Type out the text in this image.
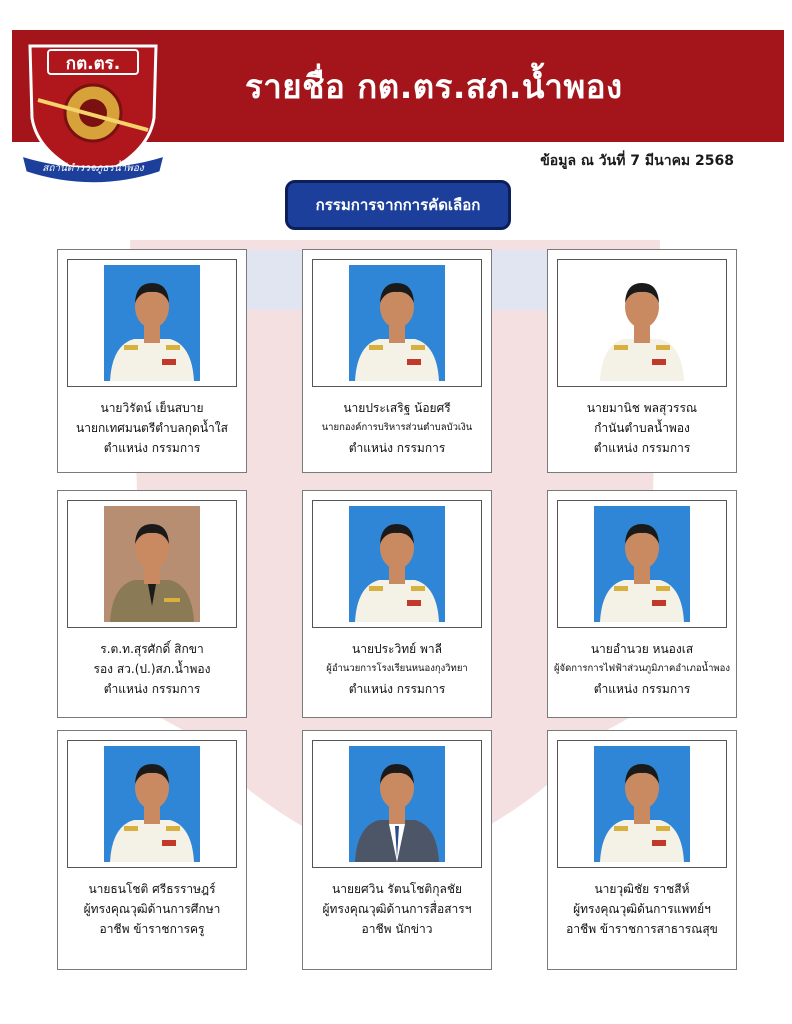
รายชื่อ กต.ตร.สภ.น้ำพอง
กต.ตร.
สถานีตำรวจภูธรน้ำพอง	ข้อมูล ณ วันที่ 7 มีนาคม 2568
กรรมการจากการคัดเลือก
นายวิรัตน์ เย็นสบาย
นายกเทศมนตรีตำบลกุดน้ำใส
ตำแหน่ง กรรมการ
นายประเสริฐ น้อยศรี
นายกองค์การบริหารส่วนตำบลบัวเงิน
ตำแหน่ง กรรมการ
นายมานิช พลสุวรรณ
กำนันตำบลน้ำพอง
ตำแหน่ง กรรมการ
ร.ต.ท.สุรศักดิ์ สิกขา
รอง สว.(ป.)สภ.น้ำพอง
ตำแหน่ง กรรมการ
นายประวิทย์ พาลี
ผู้อำนวยการโรงเรียนหนองกุงวิทยา
ตำแหน่ง กรรมการ
นายอำนวย หนองเส
ผู้จัดการการไฟฟ้าส่วนภูมิภาคอำเภอน้ำพอง
ตำแหน่ง กรรมการ
นายธนโชติ ศรีธรราษฎร์
ผู้ทรงคุณวุฒิด้านการศึกษา
อาชีพ ข้าราชการครู
นายยศวิน รัตนโชติกุลชัย
ผู้ทรงคุณวุฒิด้านการสื่อสารฯ
อาชีพ นักข่าว
นายวุฒิชัย ราชสีห์
ผู้ทรงคุณวุฒิด้นการแพทย์ฯ
อาชีพ ข้าราชการสาธารณสุข
